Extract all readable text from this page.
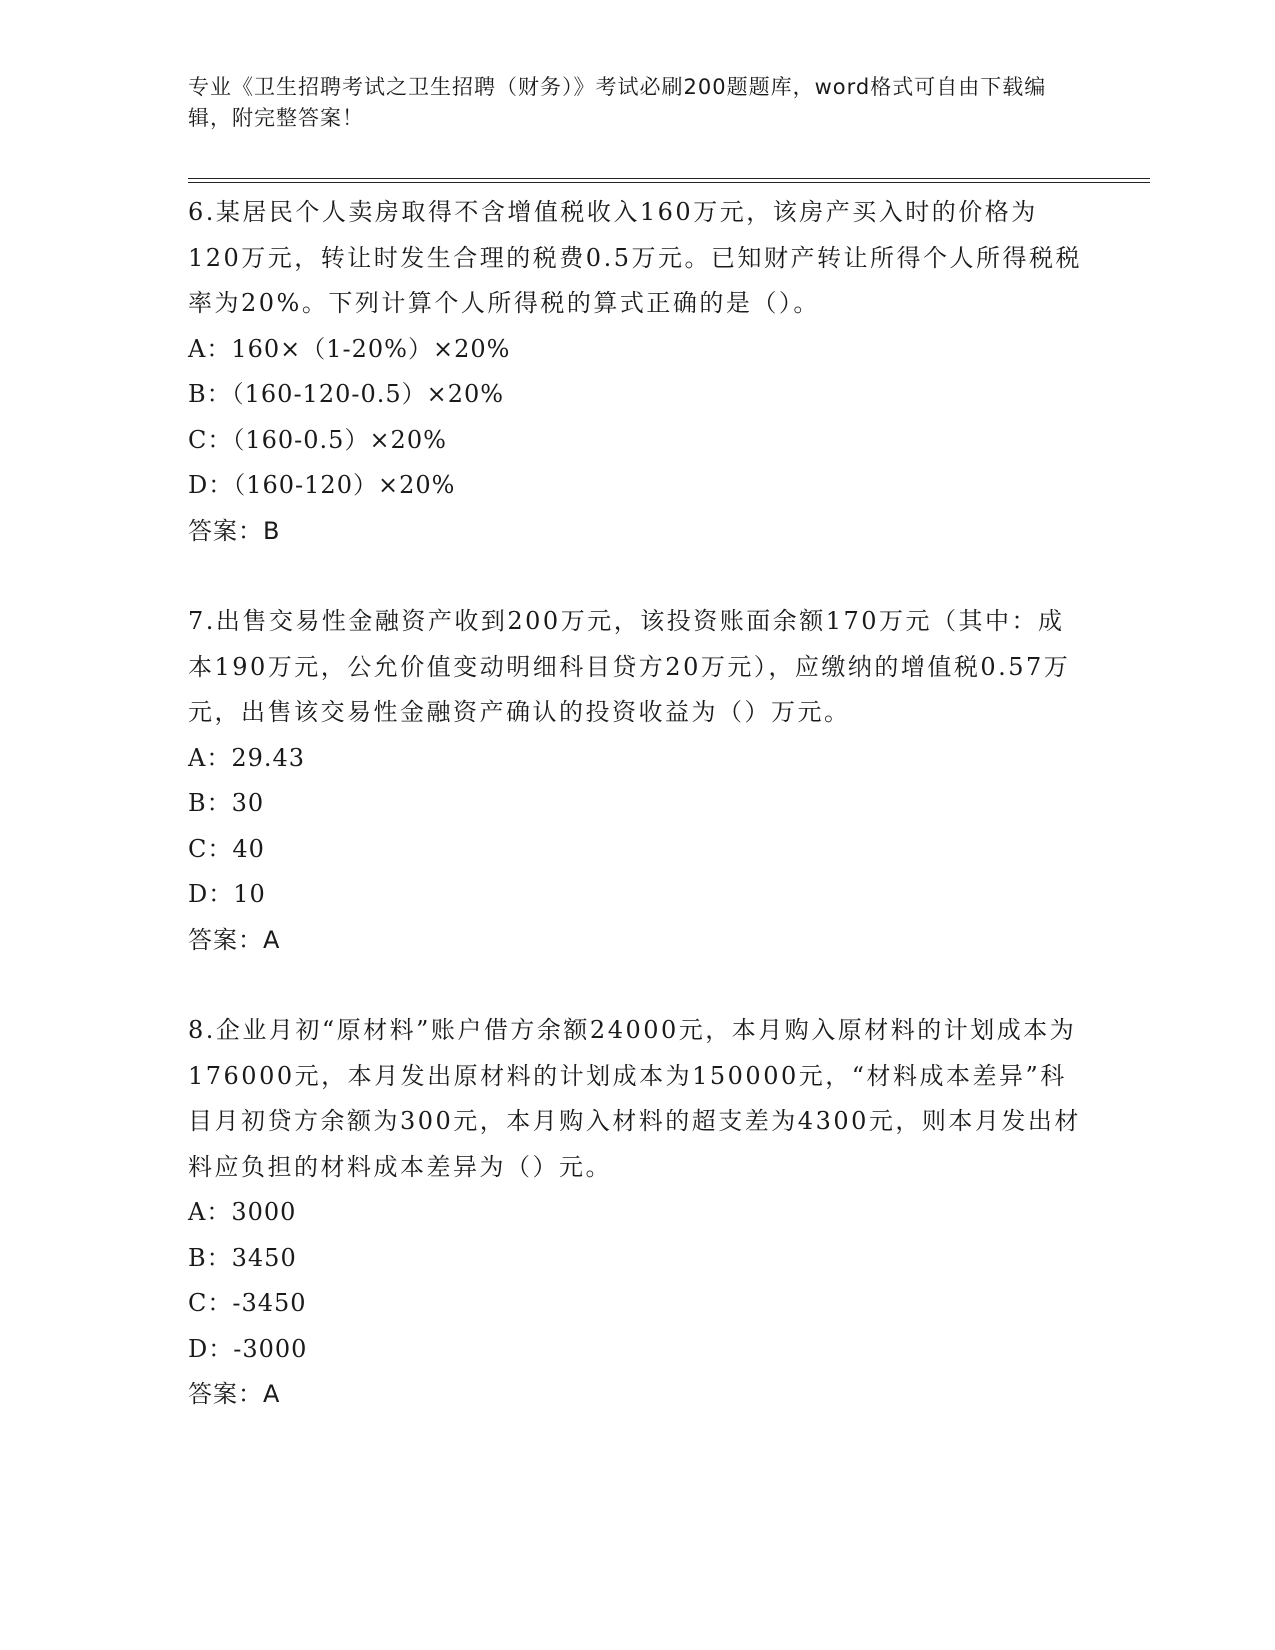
专业《卫生招聘考试之卫生招聘（财务）》考试必刷200题题库，word格式可自由下载编辑，附完整答案！
6.某居民个人卖房取得不含增值税收入160万元，该房产买入时的价格为120万元，转让时发生合理的税费0.5万元。已知财产转让所得个人所得税税率为20%。下列计算个人所得税的算式正确的是（）。
A：160×（1-20%）×20%
B：（160-120-0.5）×20%
C：（160-0.5）×20%
D：（160-120）×20%
答案：B
7.出售交易性金融资产收到200万元，该投资账面余额170万元（其中：成本190万元，公允价值变动明细科目贷方20万元），应缴纳的增值税0.57万元，出售该交易性金融资产确认的投资收益为（）万元。
A：29.43
B：30
C：40
D：10
答案：A
8.企业月初“原材料”账户借方余额24000元，本月购入原材料的计划成本为176000元，本月发出原材料的计划成本为150000元，“材料成本差异”科目月初贷方余额为300元，本月购入材料的超支差为4300元，则本月发出材料应负担的材料成本差异为（）元。
A：3000
B：3450
C：-3450
D：-3000
答案：A
